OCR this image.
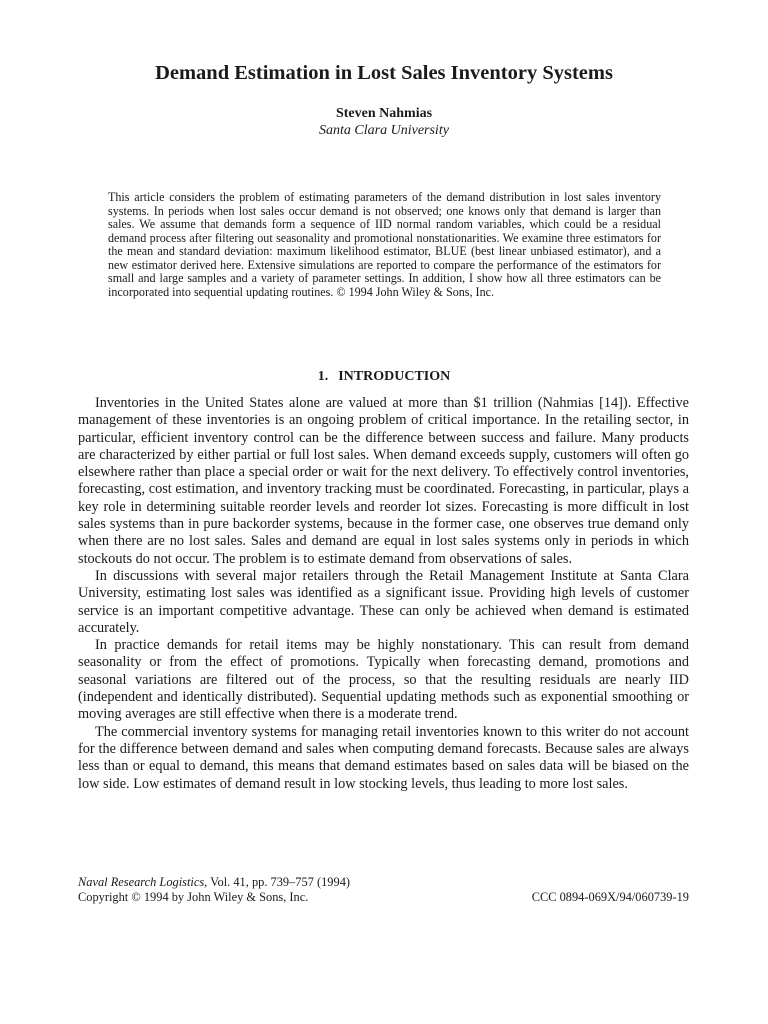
Demand Estimation in Lost Sales Inventory Systems
Steven Nahmias
Santa Clara University

This article considers the problem of estimating parameters of the demand distribution in lost sales inventory systems. In periods when lost sales occur demand is not observed; one knows only that demand is larger than sales. We assume that demands form a sequence of IID normal random variables, which could be a residual demand process after filtering out seasonality and promotional nonstationarities. We examine three estimators for the mean and standard deviation: maximum likelihood estimator, BLUE (best linear unbiased estimator), and a new estimator derived here. Extensive simulations are reported to compare the performance of the estimators for small and large samples and a variety of parameter settings. In addition, I show how all three estimators can be incorporated into sequential updating routines. © 1994 John Wiley & Sons, Inc.

1. INTRODUCTION

Inventories in the United States alone are valued at more than $1 trillion (Nahmias [14]). Effective management of these inventories is an ongoing problem of critical importance. In the retailing sector, in particular, efficient inventory control can be the difference between success and failure. Many products are characterized by either partial or full lost sales. When demand exceeds supply, customers will often go elsewhere rather than place a special order or wait for the next delivery. To effectively control inventories, forecasting, cost estimation, and inventory tracking must be coordinated. Forecasting, in particular, plays a key role in determining suitable reorder levels and reorder lot sizes. Forecasting is more difficult in lost sales systems than in pure backorder systems, because in the former case, one observes true demand only when there are no lost sales. Sales and demand are equal in lost sales systems only in periods in which stockouts do not occur. The problem is to estimate demand from observations of sales.

In discussions with several major retailers through the Retail Management Institute at Santa Clara University, estimating lost sales was identified as a significant issue. Providing high levels of customer service is an important competitive advantage. These can only be achieved when demand is estimated accurately.

In practice demands for retail items may be highly nonstationary. This can result from demand seasonality or from the effect of promotions. Typically when forecasting demand, promotions and seasonal variations are filtered out of the process, so that the resulting residuals are nearly IID (independent and identically distributed). Sequential updating methods such as exponential smoothing or moving averages are still effective when there is a moderate trend.

The commercial inventory systems for managing retail inventories known to this writer do not account for the difference between demand and sales when computing demand forecasts. Because sales are always less than or equal to demand, this means that demand estimates based on sales data will be biased on the low side. Low estimates of demand result in low stocking levels, thus leading to more lost sales.

Naval Research Logistics, Vol. 41, pp. 739–757 (1994)
Copyright © 1994 by John Wiley & Sons, Inc.	CCC 0894-069X/94/060739-19
